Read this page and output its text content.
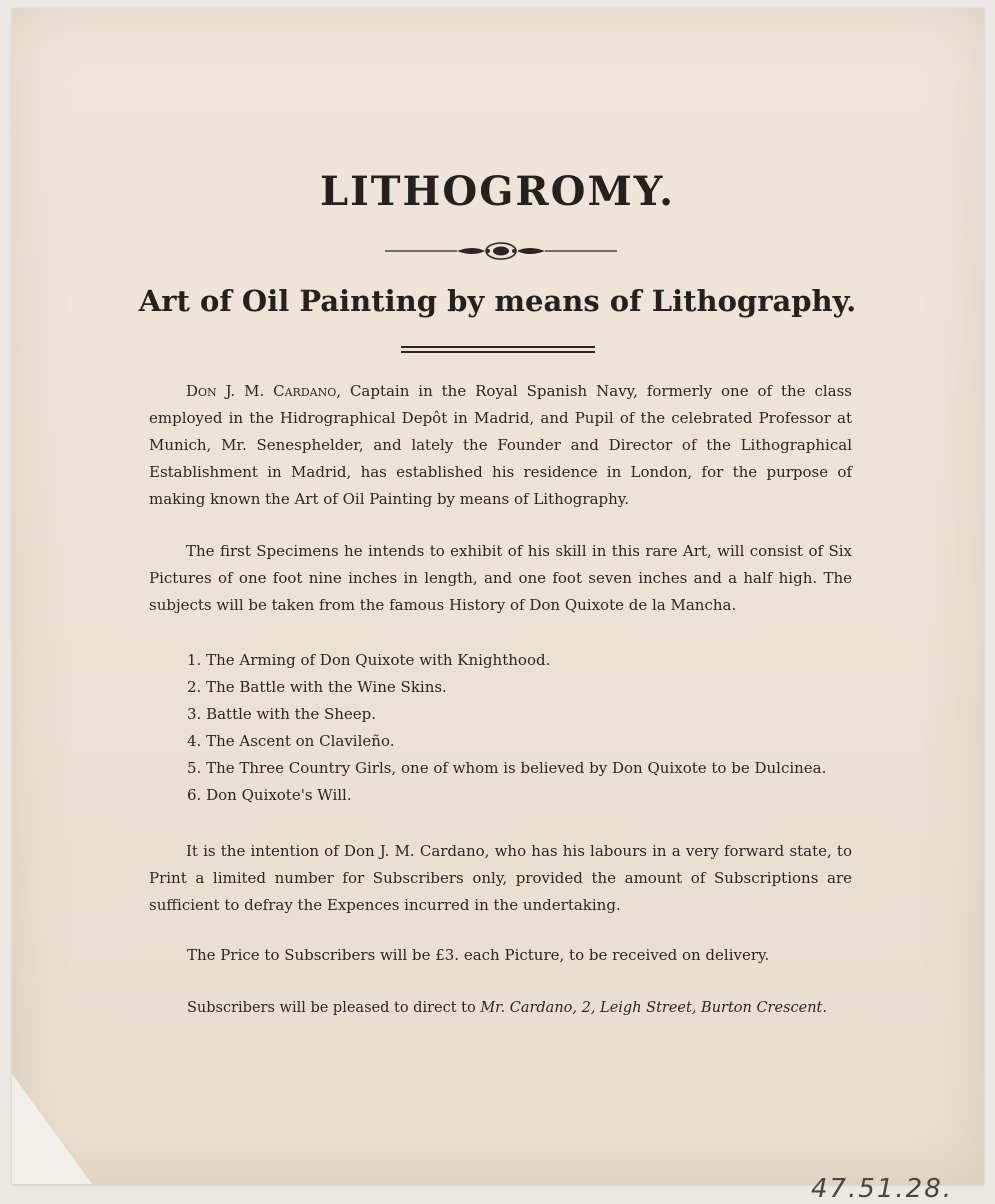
LITHOGROMY.
Art of Oil Painting by means of Lithography.

Don J. M. Cardano, Captain in the Royal Spanish Navy, formerly one of the class employed in the Hidrographical Depôt in Madrid, and Pupil of the celebrated Professor at Munich, Mr. Senesphelder, and lately the Founder and Director of the Lithographical Establishment in Madrid, has established his residence in London, for the purpose of making known the Art of Oil Painting by means of Lithography.

The first Specimens he intends to exhibit of his skill in this rare Art, will consist of Six Pictures of one foot nine inches in length, and one foot seven inches and a half high. The subjects will be taken from the famous History of Don Quixote de la Mancha.

1. The Arming of Don Quixote with Knighthood.
2. The Battle with the Wine Skins.
3. Battle with the Sheep.
4. The Ascent on Clavileño.
5. The Three Country Girls, one of whom is believed by Don Quixote to be Dulcinea.
6. Don Quixote's Will.

It is the intention of Don J. M. Cardano, who has his labours in a very forward state, to Print a limited number for Subscribers only, provided the amount of Subscriptions are sufficient to defray the Expences incurred in the undertaking.

The Price to Subscribers will be £3. each Picture, to be received on delivery.

Subscribers will be pleased to direct to Mr. Cardano, 2, Leigh Street, Burton Crescent.

47.51.28.
